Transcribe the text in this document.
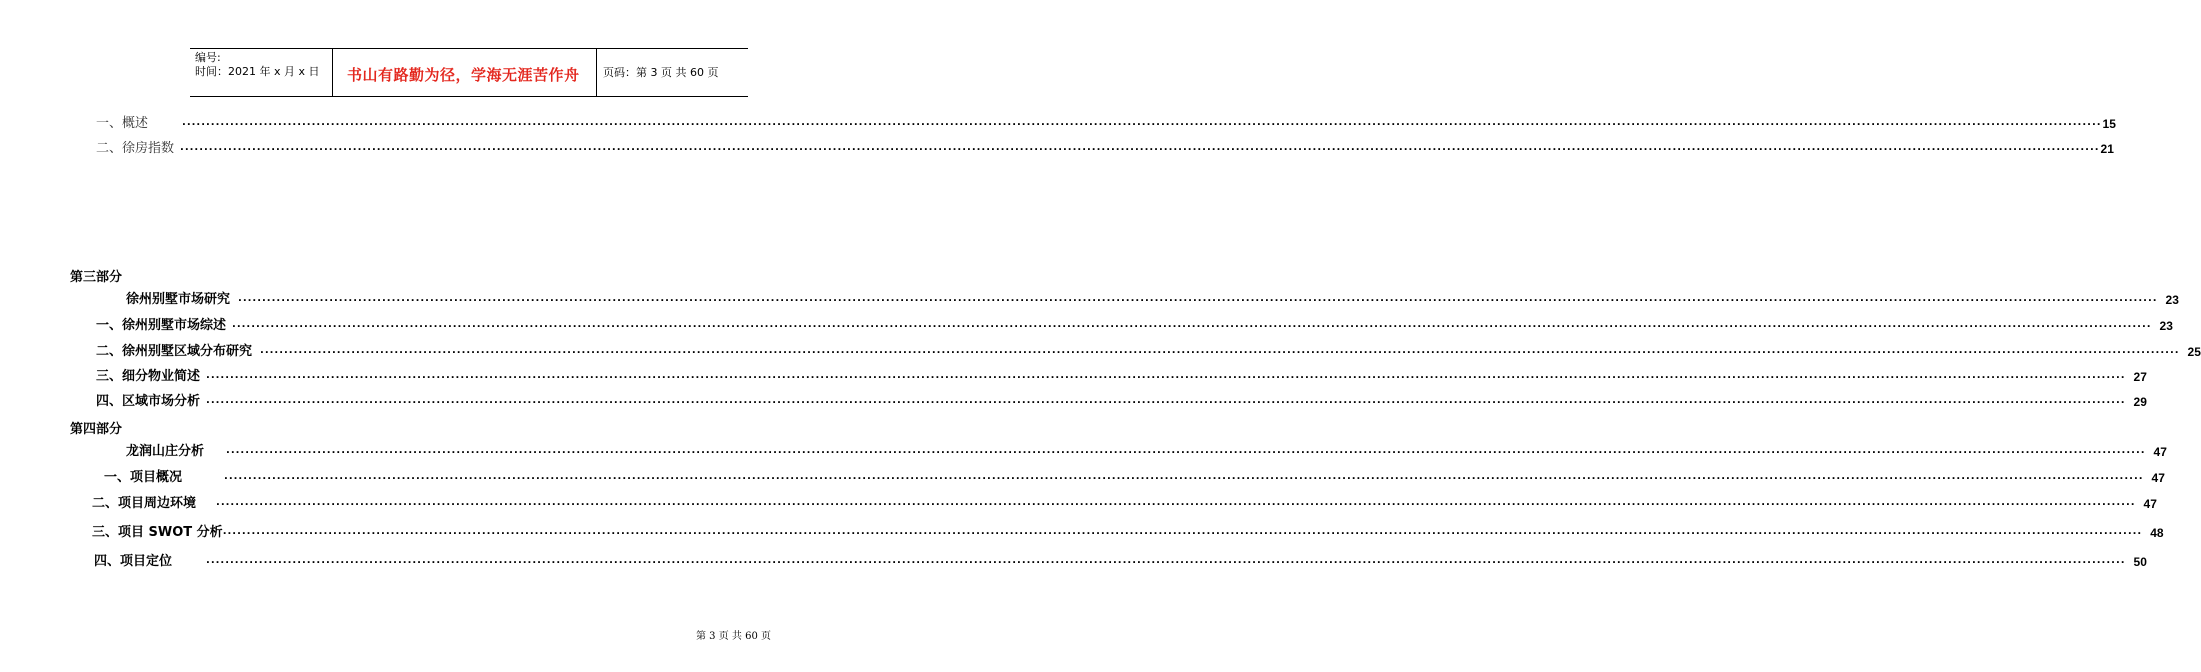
编号:
时间：2021 年 x 月 x 日 书山有路勤为径，学海无涯苦作舟 页码：第 3 页 共 60 页
一、概述	................................................................................................................................................................................................................................................................................................................................................................................................................ 15
二、徐房指数 ................................................................................................................................................................................................................................................................................................................................................................................................................ 21
第三部分
徐州别墅市场研究 ................................................................................................................................................................................................................................................................................................................................................................................................................ 23
一、徐州别墅市场综述 ................................................................................................................................................................................................................................................................................................................................................................................................................ 23
二、徐州别墅区域分布研究 ................................................................................................................................................................................................................................................................................................................................................................................................................ 25
三、细分物业简述 ................................................................................................................................................................................................................................................................................................................................................................................................................ 27
四、区域市场分析 ................................................................................................................................................................................................................................................................................................................................................................................................................ 29
第四部分
龙润山庄分析 ................................................................................................................................................................................................................................................................................................................................................................................................................ 47
一、项目概况	................................................................................................................................................................................................................................................................................................................................................................................................................ 47
二、项目周边环境 ................................................................................................................................................................................................................................................................................................................................................................................................................ 47
三、项目 SWOT 分析 ................................................................................................................................................................................................................................................................................................................................................................................................................ 48
四、项目定位	................................................................................................................................................................................................................................................................................................................................................................................................................ 50
第 3 页 共 60 页
